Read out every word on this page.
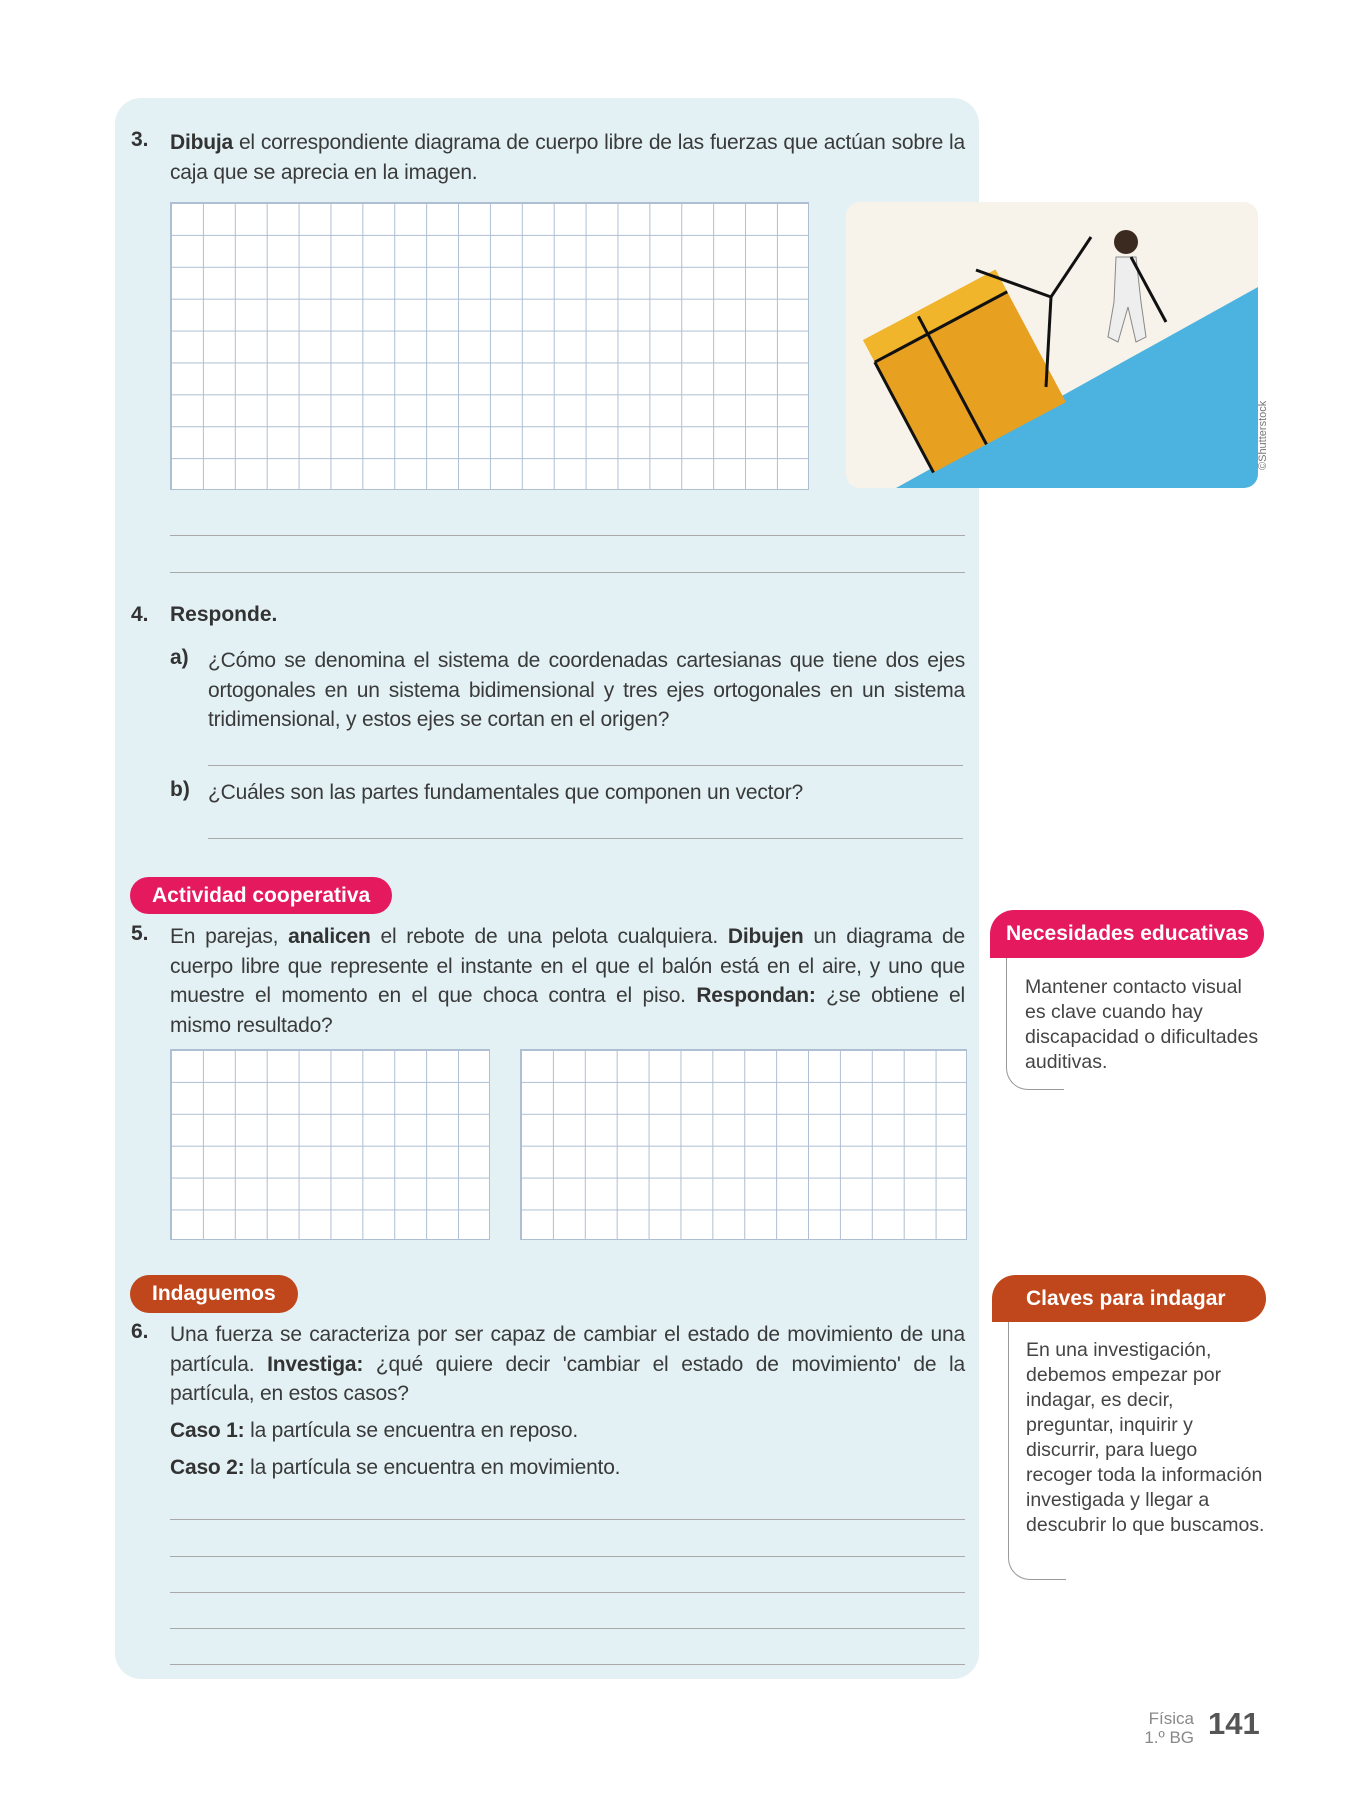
3. Dibuja el correspondiente diagrama de cuerpo libre de las fuerzas que actúan sobre la caja que se aprecia en la imagen.
©Shutterstock
4. Responde.
a) ¿Cómo se denomina el sistema de coordenadas cartesianas que tiene dos ejes ortogonales en un sistema bidimensional y tres ejes ortogonales en un sistema tridimensional, y estos ejes se cortan en el origen?
b) ¿Cuáles son las partes fundamentales que componen un vector?
Actividad cooperativa
5. En parejas, analicen el rebote de una pelota cualquiera. Dibujen un diagrama de cuerpo libre que represente el instante en el que el balón está en el aire, y uno que muestre el momento en el que choca contra el piso. Respondan: ¿se obtiene el mismo resultado?
Indaguemos
6. Una fuerza se caracteriza por ser capaz de cambiar el estado de movimiento de una partícula. Investiga: ¿qué quiere decir 'cambiar el estado de movimiento' de la partícula, en estos casos?
Caso 1: la partícula se encuentra en reposo.
Caso 2: la partícula se encuentra en movimiento.
Necesidades educativas
Mantener contacto visual es clave cuando hay discapacidad o dificultades auditivas.
Claves para indagar
En una investigación, debemos empezar por indagar, es decir, preguntar, inquirir y discurrir, para luego recoger toda la información investigada y llegar a descubrir lo que buscamos.
Física
1.º BG 141
